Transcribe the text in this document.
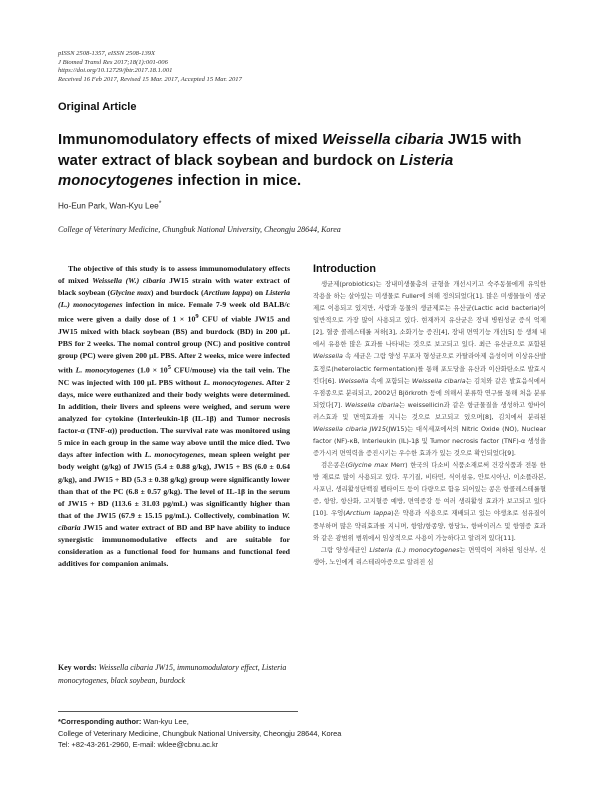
pISSN 2508-1357, eISSN 2508-139X
J Biomed Transl Res 2017;18(1):001-006
https://doi.org/10.12729/jbtr.2017.18.1.001
Received 16 Feb 2017, Revised 15 Mar. 2017, Accepted 15 Mar. 2017
Original Article
Immunomodulatory effects of mixed Weissella cibaria JW15 with water extract of black soybean and burdock on Listeria monocytogenes infection in mice.
Ho-Eun Park, Wan-Kyu Lee*
College of Veterinary Medicine, Chungbuk National University, Cheongju 28644, Korea

The objective of this study is to assess immunomodulatory effects of mixed Weissella (W.) cibaria JW15 strain with water extract of black soybean (Glycine max) and burdock (Arctium lappa) on Listeria (L.) monocytogenes infection in mice. Female 7-9 week old BALB/c mice were given a daily dose of $1 \times 10^9$ CFU of viable JW15 and JW15 mixed with black soybean (BS) and burdock (BD) in 200 μL PBS for 2 weeks. The nomal control group (NC) and positive control group (PC) were given 200 μL PBS. After 2 weeks, mice were infected with L. monocytogenes ($1.0 \times 10^5$ CFU/mouse) via the tail vein. The NC was injected with 100 μL PBS without L. monocytogenes. After 2 days, mice were euthanized and their body weights were determined. In addition, their livers and spleens were weighed, and serum were analyzed for cytokine (Interleukin-1β (IL-1β) and Tumor necrosis factor-α (TNF-α)) production. The survival rate was monitored using 5 mice in each group in the same way above until the mice died. Two days after infection with L. monocytogenes, mean spleen weight per body weight (g/kg) of JW15 (5.4 ± 0.88 g/kg), JW15 + BS (6.0 ± 0.64 g/kg), and JW15 + BD (5.3 ± 0.38 g/kg) group were significantly lower than that of the PC (6.8 ± 0.57 g/kg). The level of IL-1β in the serum of JW15 + BD (113.6 ± 31.03 pg/mL) was significantly higher than that of the JW15 (67.9 ± 15.15 pg/mL). Collectively, combination W. cibaria JW15 and water extract of BD and BP have ability to induce synergistic immunomodulative effects and are suitable for consideration as a functional food for humans and functional feed additives for companion animals.

Key words: Weissella cibaria JW15, immunomodulatory effect, Listeria monocytogenes, black soybean, burdock

Introduction

생균제(probiotics)는 장내미생물총의 균형을 개선시키고 숙주동물에게 유익한 작용을 하는 살아있는 미생물로 Fuller에 의해 정의되었다[1]. 많은 미생물들이 생균제로 이용되고 있지만, 사람과 동물의 생균제로는 유산균(Lactic acid bacteria)이 일반적으로 가장 많이 사용되고 있다. 현재까지 유산균은 장내 병원성균 증식 억제[2], 혈중 콜레스테롤 저하[3], 소화기능 증진[4], 장내 면역기능 개선[5] 등 생체 내에서 유용한 많은 효과를 나타내는 것으로 보고되고 있다. 최근 유산균으로 포함된 Weissella 속 세균은 그람 양성 무포자 형성균으로 카탈라아제 음성이며 이상유산발효정로(heterolactic fermentation)를 통해 포도당을 유산과 이산화탄소로 발효시킨다[6]. Weissella 속에 포함되는 Weissella cibaria는 김치와 같은 발효음식에서 우점종으로 분리되고, 2002년 Björkroth 등에 의해서 분류학 연구를 통해 처음 분류 되었다[7]. Weissella cibaria는 weissellicin과 같은 항균물질을 생성하고 항바이러스효과 및 면역효과를 지니는 것으로 보고되고 있으며[8], 김치에서 분리된 Weissella cibaria JW15(JW15)는 대식세포에서의 Nitric Oxide (NO), Nuclear factor (NF)-κB, Interleukin (IL)-1β 및 Tumor necrosis factor (TNF)-α 생성을 증가시켜 면역력을 증진시키는 우수한 효과가 있는 것으로 확인되었다[9].

검은콩은(Glycine max Merr) 한국의 다소비 식품소재로써 건강식품과 전통 한방 재료로 많이 사용되고 있다. 무기질, 비타민, 식이섬유, 안토시아닌, 이소플라본, 사포닌, 생리활성단백질 펩타이드 등이 다량으로 함유 되어있는 콩은 항콜레스테롤혈증, 항암, 항산화, 고지혈증 예방, 면역증강 등 여러 생리활성 효과가 보고되고 있다[10]. 우엉(Arctium lappa)은 약용과 식용으로 재배되고 있는 야생초로 섬유질이 풍부하며 많은 약리효과를 지니며, 항암/항종양, 항당뇨, 항바이러스 및 항염증 효과와 같은 광범위 범위에서 임상적으로 사용이 가능하다고 알려져 있다[11].

그람 양성세균인 Listeria (L.) monocytogenes는 면역력이 저하된 임산부, 신생아, 노인에게 리스테리아증으로 알려진 심

*Corresponding author: Wan-kyu Lee,
College of Veterinary Medicine, Chungbuk National University, Cheongju 28644, Korea
Tel: +82-43-261-2960, E-mail: wklee@cbnu.ac.kr
